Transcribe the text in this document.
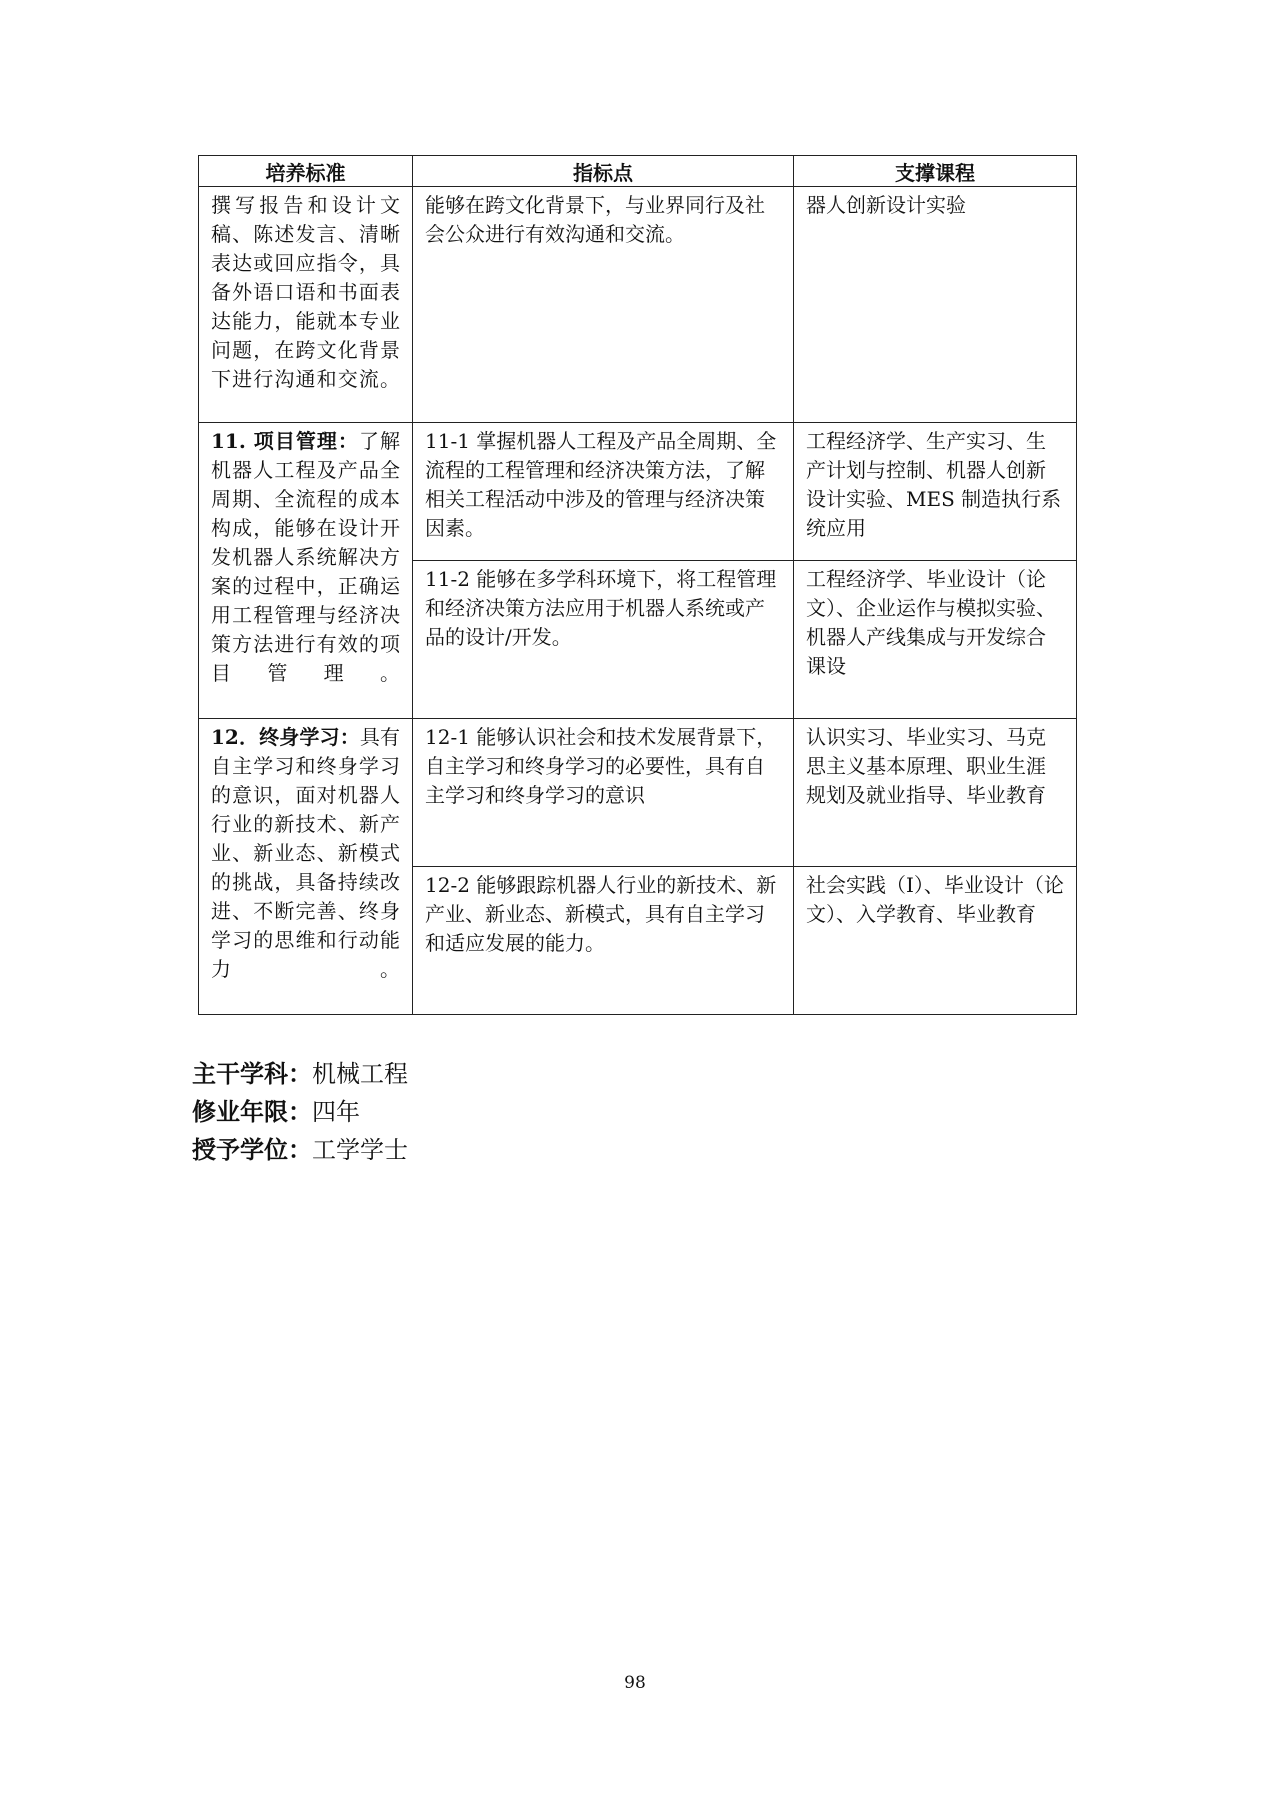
培养标准	指标点	支撑课程
撰写报告和设计文稿、陈述发言、清晰表达或回应指令，具备外语口语和书面表达能力，能就本专业问题，在跨文化背景下进行沟通和交流。	能够在跨文化背景下，与业界同行及社会公众进行有效沟通和交流。	器人创新设计实验
11. 项目管理：了解机器人工程及产品全周期、全流程的成本构成，能够在设计开发机器人系统解决方案的过程中，正确运用工程管理与经济决策方法进行有效的项目管理。	11-1 掌握机器人工程及产品全周期、全流程的工程管理和经济决策方法，了解相关工程活动中涉及的管理与经济决策因素。	工程经济学、生产实习、生产计划与控制、机器人创新设计实验、MES 制造执行系统应用
	11-2 能够在多学科环境下，将工程管理和经济决策方法应用于机器人系统或产品的设计/开发。	工程经济学、毕业设计（论文）、企业运作与模拟实验、机器人产线集成与开发综合课设
12．终身学习：具有自主学习和终身学习的意识，面对机器人行业的新技术、新产业、新业态、新模式的挑战，具备持续改进、不断完善、终身学习的思维和行动能力。	12-1 能够认识社会和技术发展背景下，自主学习和终身学习的必要性，具有自主学习和终身学习的意识	认识实习、毕业实习、马克思主义基本原理、职业生涯规划及就业指导、毕业教育
	12-2 能够跟踪机器人行业的新技术、新产业、新业态、新模式，具有自主学习和适应发展的能力。	社会实践（I）、毕业设计（论文）、入学教育、毕业教育
主干学科：机械工程
修业年限：四年
授予学位：工学学士
98
